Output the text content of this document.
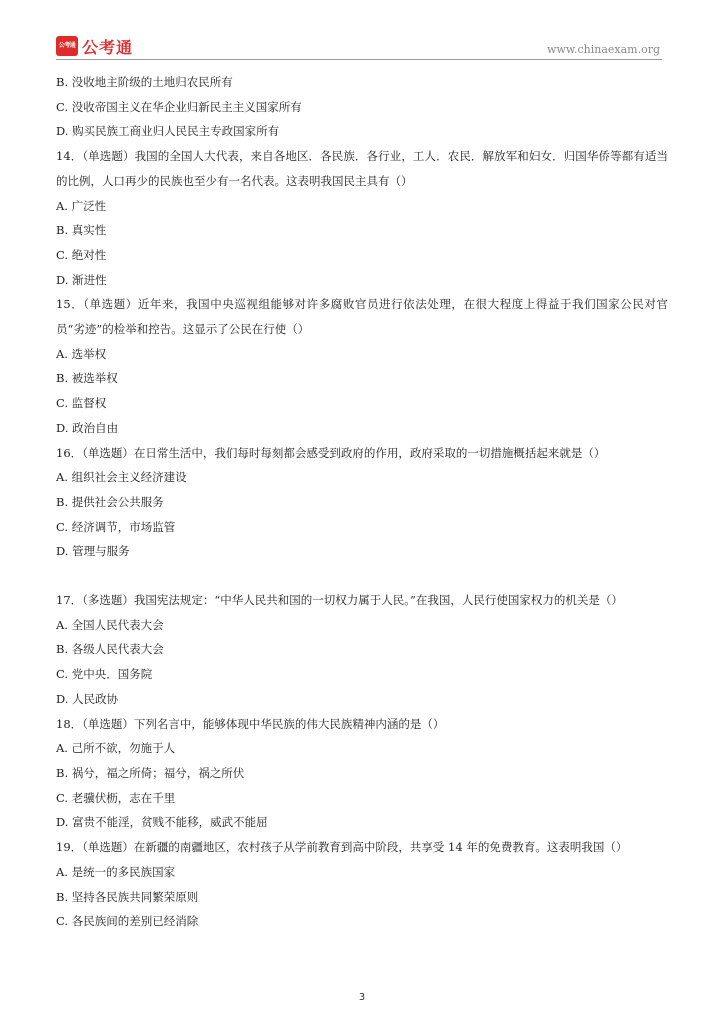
公考通 公考通	www.chinaexam.org
B. 没收地主阶级的土地归农民所有
C. 没收帝国主义在华企业归新民主主义国家所有
D. 购买民族工商业归人民民主专政国家所有
14．（单选题）我国的全国人大代表，来自各地区．各民族．各行业，工人．农民．解放军和妇女．归国华侨等都有适当的比例，人口再少的民族也至少有一名代表。这表明我国民主具有（）
A. 广泛性
B. 真实性
C. 绝对性
D. 渐进性
15．（单选题）近年来，我国中央巡视组能够对许多腐败官员进行依法处理，在很大程度上得益于我们国家公民对官员“劣迹”的检举和控告。这显示了公民在行使（）
A. 选举权
B. 被选举权
C. 监督权
D. 政治自由
16．（单选题）在日常生活中，我们每时每刻都会感受到政府的作用，政府采取的一切措施概括起来就是（）
A. 组织社会主义经济建设
B. 提供社会公共服务
C. 经济调节，市场监管
D. 管理与服务
17．（多选题）我国宪法规定：“中华人民共和国的一切权力属于人民。”在我国，人民行使国家权力的机关是（）
A. 全国人民代表大会
B. 各级人民代表大会
C. 党中央．国务院
D. 人民政协
18．（单选题）下列名言中，能够体现中华民族的伟大民族精神内涵的是（）
A. 己所不欲，勿施于人
B. 祸兮，福之所倚；福兮，祸之所伏
C. 老骥伏枥，志在千里
D. 富贵不能淫，贫贱不能移，威武不能屈
19．（单选题）在新疆的南疆地区，农村孩子从学前教育到高中阶段，共享受 14 年的免费教育。这表明我国（）
A. 是统一的多民族国家
B. 坚持各民族共同繁荣原则
C. 各民族间的差别已经消除
3
